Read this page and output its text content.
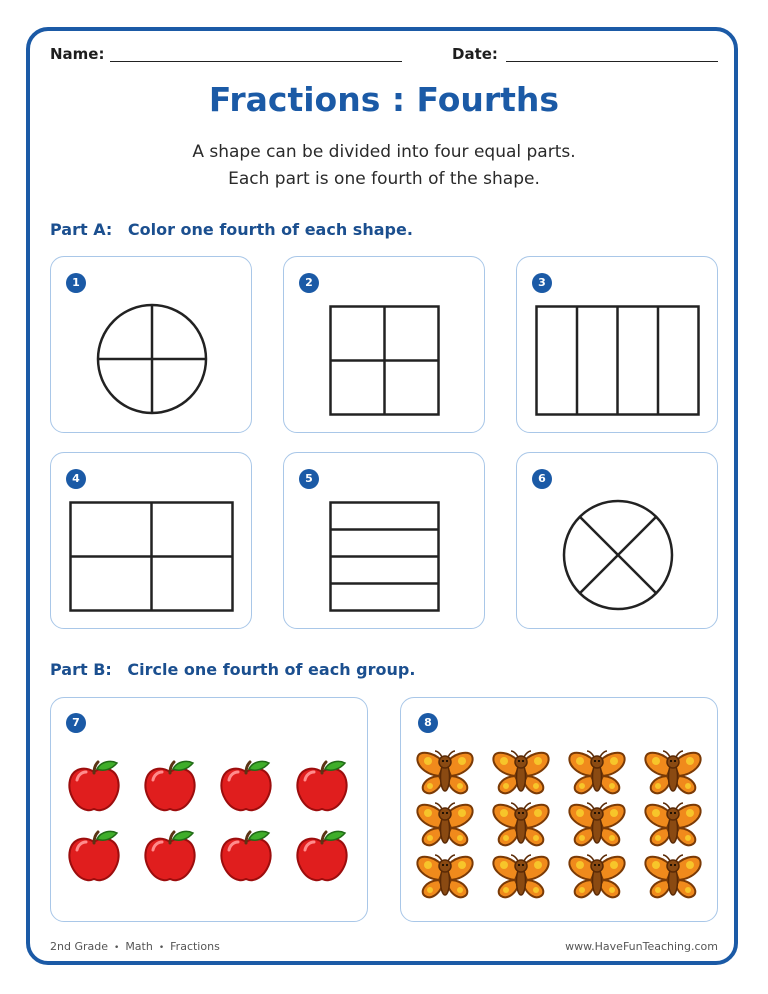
Name:	Date:
Fractions : Fourths
A shape can be divided into four equal parts.
Each part is one fourth of the shape.
Part A: Color one fourth of each shape.
1	2	3
4	5	6
Part B: Circle one fourth of each group.
7	8
2nd Grade • Math • Fractions	www.HaveFunTeaching.com
